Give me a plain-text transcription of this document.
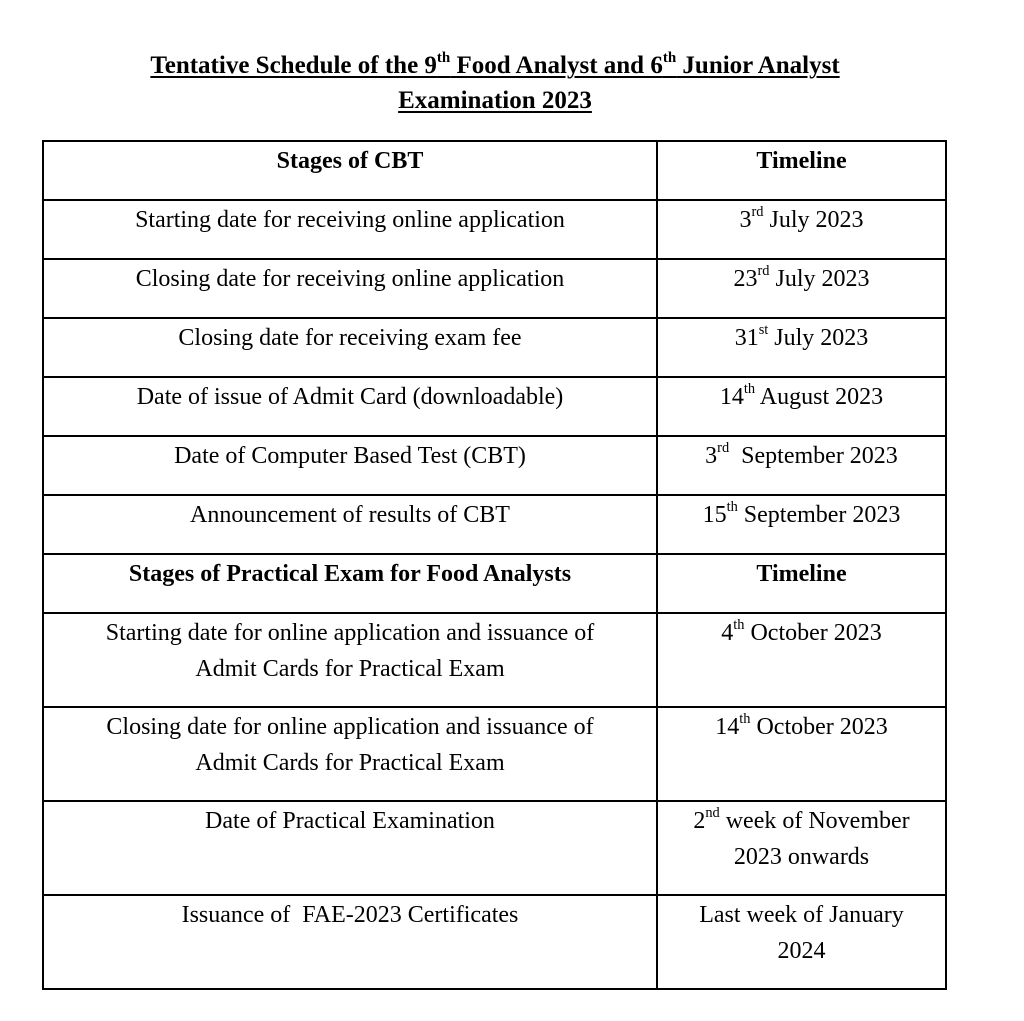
Tentative Schedule of the 9th Food Analyst and 6th Junior Analyst
Examination 2023
Stages of CBT	Timeline

Starting date for receiving online application	3rd July 2023

Closing date for receiving online application	23rd July 2023

Closing date for receiving exam fee	31st July 2023

Date of issue of Admit Card (downloadable)	14th August 2023

Date of Computer Based Test (CBT)	3rd  September 2023

Announcement of results of CBT	15th September 2023

Stages of Practical Exam for Food Analysts	Timeline

Starting date for online application and issuance of
Admit Cards for Practical Exam	4th October 2023

Closing date for online application and issuance of
Admit Cards for Practical Exam	14th October 2023

Date of Practical Examination	2nd week of November
2023 onwards

Issuance of  FAE-2023 Certificates	Last week of January
2024
